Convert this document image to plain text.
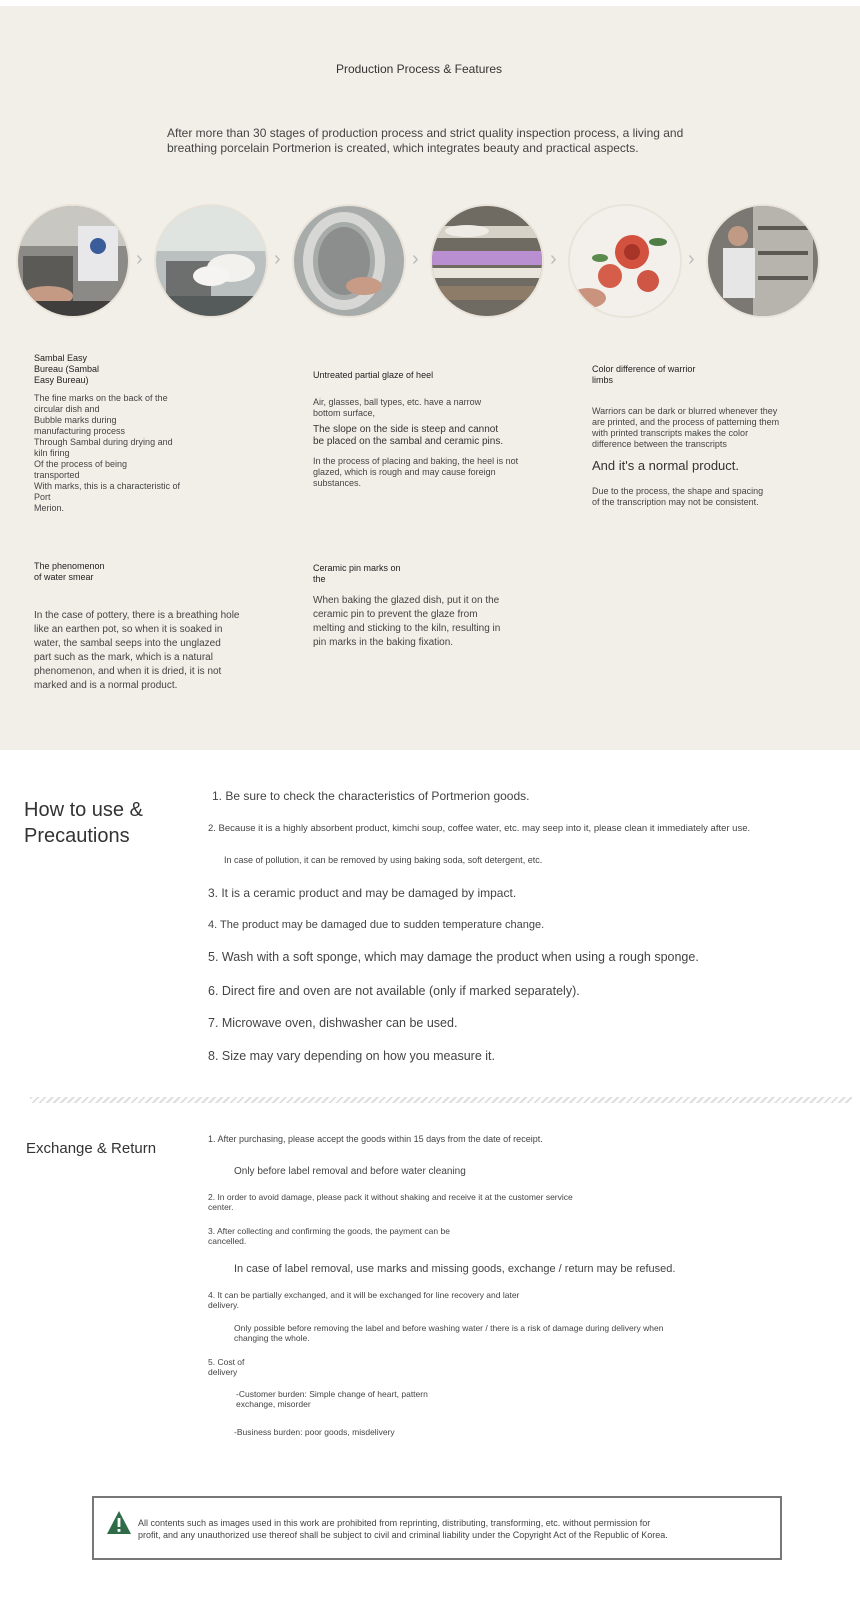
Production Process & Features
After more than 30 stages of production process and strict quality inspection process, a living and breathing porcelain Portmerion is created, which integrates beauty and practical aspects.
›	›	›	›	›
Sambal Easy
Bureau (Sambal
Easy Bureau)
The fine marks on the back of the
circular dish and
Bubble marks during
manufacturing process
Through Sambal during drying and
kiln firing
Of the process of being
transported
With marks, this is a characteristic of Port
Merion.
Untreated partial glaze of heel
Air, glasses, ball types, etc. have a narrow
bottom surface,
The slope on the side is steep and cannot
be placed on the sambal and ceramic pins.
In the process of placing and baking, the heel is not
glazed, which is rough and may cause foreign
substances.
Color difference of warrior
limbs
Warriors can be dark or blurred whenever they
are printed, and the process of patterning them
with printed transcripts makes the color
difference between the transcripts
And it's a normal product.
Due to the process, the shape and spacing
of the transcription may not be consistent.
The phenomenon
of water smear
In the case of pottery, there is a breathing hole
like an earthen pot, so when it is soaked in
water, the sambal seeps into the unglazed
part such as the mark, which is a natural
phenomenon, and when it is dried, it is not
marked and is a normal product.
Ceramic pin marks on
the
When baking the glazed dish, put it on the
ceramic pin to prevent the glaze from
melting and sticking to the kiln, resulting in
pin marks in the baking fixation.
How to use &
Precautions
1. Be sure to check the characteristics of Portmerion goods.
2. Because it is a highly absorbent product, kimchi soup, coffee water, etc. may seep into it, please clean it immediately after use.
In case of pollution, it can be removed by using baking soda, soft detergent, etc.
3. It is a ceramic product and may be damaged by impact.
4. The product may be damaged due to sudden temperature change.
5. Wash with a soft sponge, which may damage the product when using a rough sponge.
6. Direct fire and oven are not available (only if marked separately).
7. Microwave oven, dishwasher can be used.
8. Size may vary depending on how you measure it.
Exchange & Return
1. After purchasing, please accept the goods within 15 days from the date of receipt.
Only before label removal and before water cleaning
2. In order to avoid damage, please pack it without shaking and receive it at the customer service
center.
3. After collecting and confirming the goods, the payment can be
cancelled.
In case of label removal, use marks and missing goods, exchange / return may be refused.
4. It can be partially exchanged, and it will be exchanged for line recovery and later
delivery.
Only possible before removing the label and before washing water / there is a risk of damage during delivery when
changing the whole.
5. Cost of
delivery
-Customer burden: Simple change of heart, pattern
exchange, misorder
-Business burden: poor goods, misdelivery
All contents such as images used in this work are prohibited from reprinting, distributing, transforming, etc. without permission for
profit, and any unauthorized use thereof shall be subject to civil and criminal liability under the Copyright Act of the Republic of Korea.
